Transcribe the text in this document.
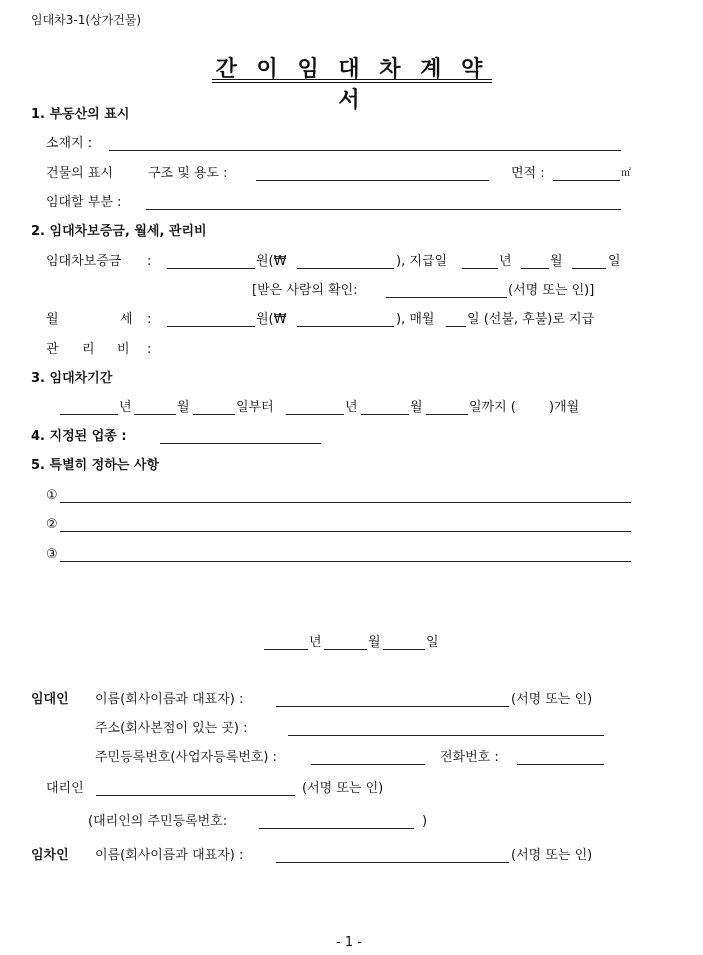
임대차3-1(상가건물)
간 이 임 대 차 계 약 서
1. 부동산의 표시
소재지 :
건물의 표시	구조 및 용도 :	면적 :	㎡
임대할 부분 :
2. 임대차보증금, 월세, 관리비
임대차보증금 :	원(₩	), 지급일	년	월	일
[받은 사람의 확인:	(서명 또는 인)]
월	세 :	원(₩	), 매월	일 (선불, 후불)로 지급
관 리 비 :
3. 임대차기간
년	월	일부터	년	월	일까지 (	)개월
4. 지정된 업종 :
5. 특별히 정하는 사항
①
②
③
년	월	일
임대인 이름(회사이름과 대표자) :	(서명 또는 인)
주소(회사본점이 있는 곳) :
주민등록번호(사업자등록번호) :	전화번호 :
대리인	(서명 또는 인)
(대리인의 주민등록번호:	)
임차인 이름(회사이름과 대표자) :	(서명 또는 인)
- 1 -
